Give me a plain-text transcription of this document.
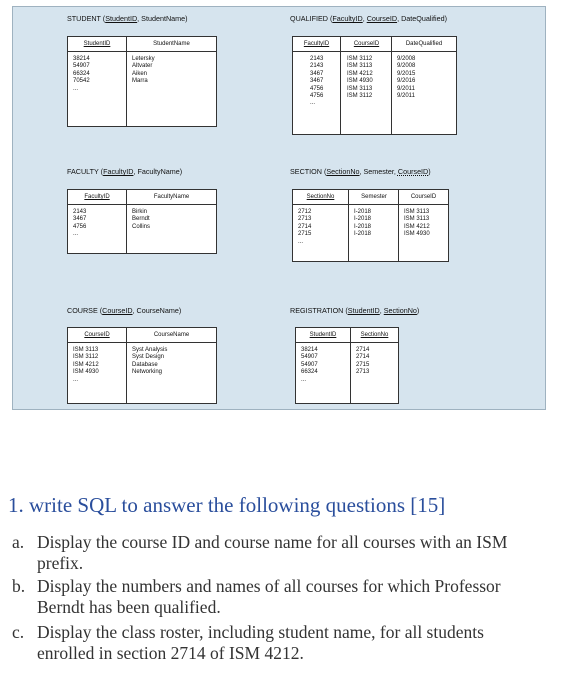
STUDENT (StudentID, StudentName)
StudentID
38214
54907
66324
70542
...
StudentName
Letersky
Altvater
Aiken
Marra
QUALIFIED (FacultyID, CourseID, DateQualified)
FacultyID
2143
2143
3467
3467
4756
4756
...
CourseID
ISM 3112
ISM 3113
ISM 4212
ISM 4930
ISM 3113
ISM 3112
DateQualified
9/2008
9/2008
9/2015
9/2016
9/2011
9/2011
FACULTY (FacultyID, FacultyName)
FacultyID
2143
3467
4756
...
FacultyName
Birkin
Berndt
Collins
SECTION (SectionNo, Semester, CourseID)
SectionNo
2712
2713
2714
2715
...
Semester
I-2018
I-2018
I-2018
I-2018
CourseID
ISM 3113
ISM 3113
ISM 4212
ISM 4930
COURSE (CourseID, CourseName)
CourseID
ISM 3113
ISM 3112
ISM 4212
ISM 4930
...
CourseName
Syst Analysis
Syst Design
Database
Networking
REGISTRATION (StudentID, SectionNo)
StudentID
38214
54907
54907
66324
...
SectionNo
2714
2714
2715
2713
1. write SQL to answer the following questions [15]
a. Display the course ID and course name for all courses with an ISM prefix.
b. Display the numbers and names of all courses for which Professor Berndt has been qualified.
c. Display the class roster, including student name, for all students enrolled in section 2714 of ISM 4212.
